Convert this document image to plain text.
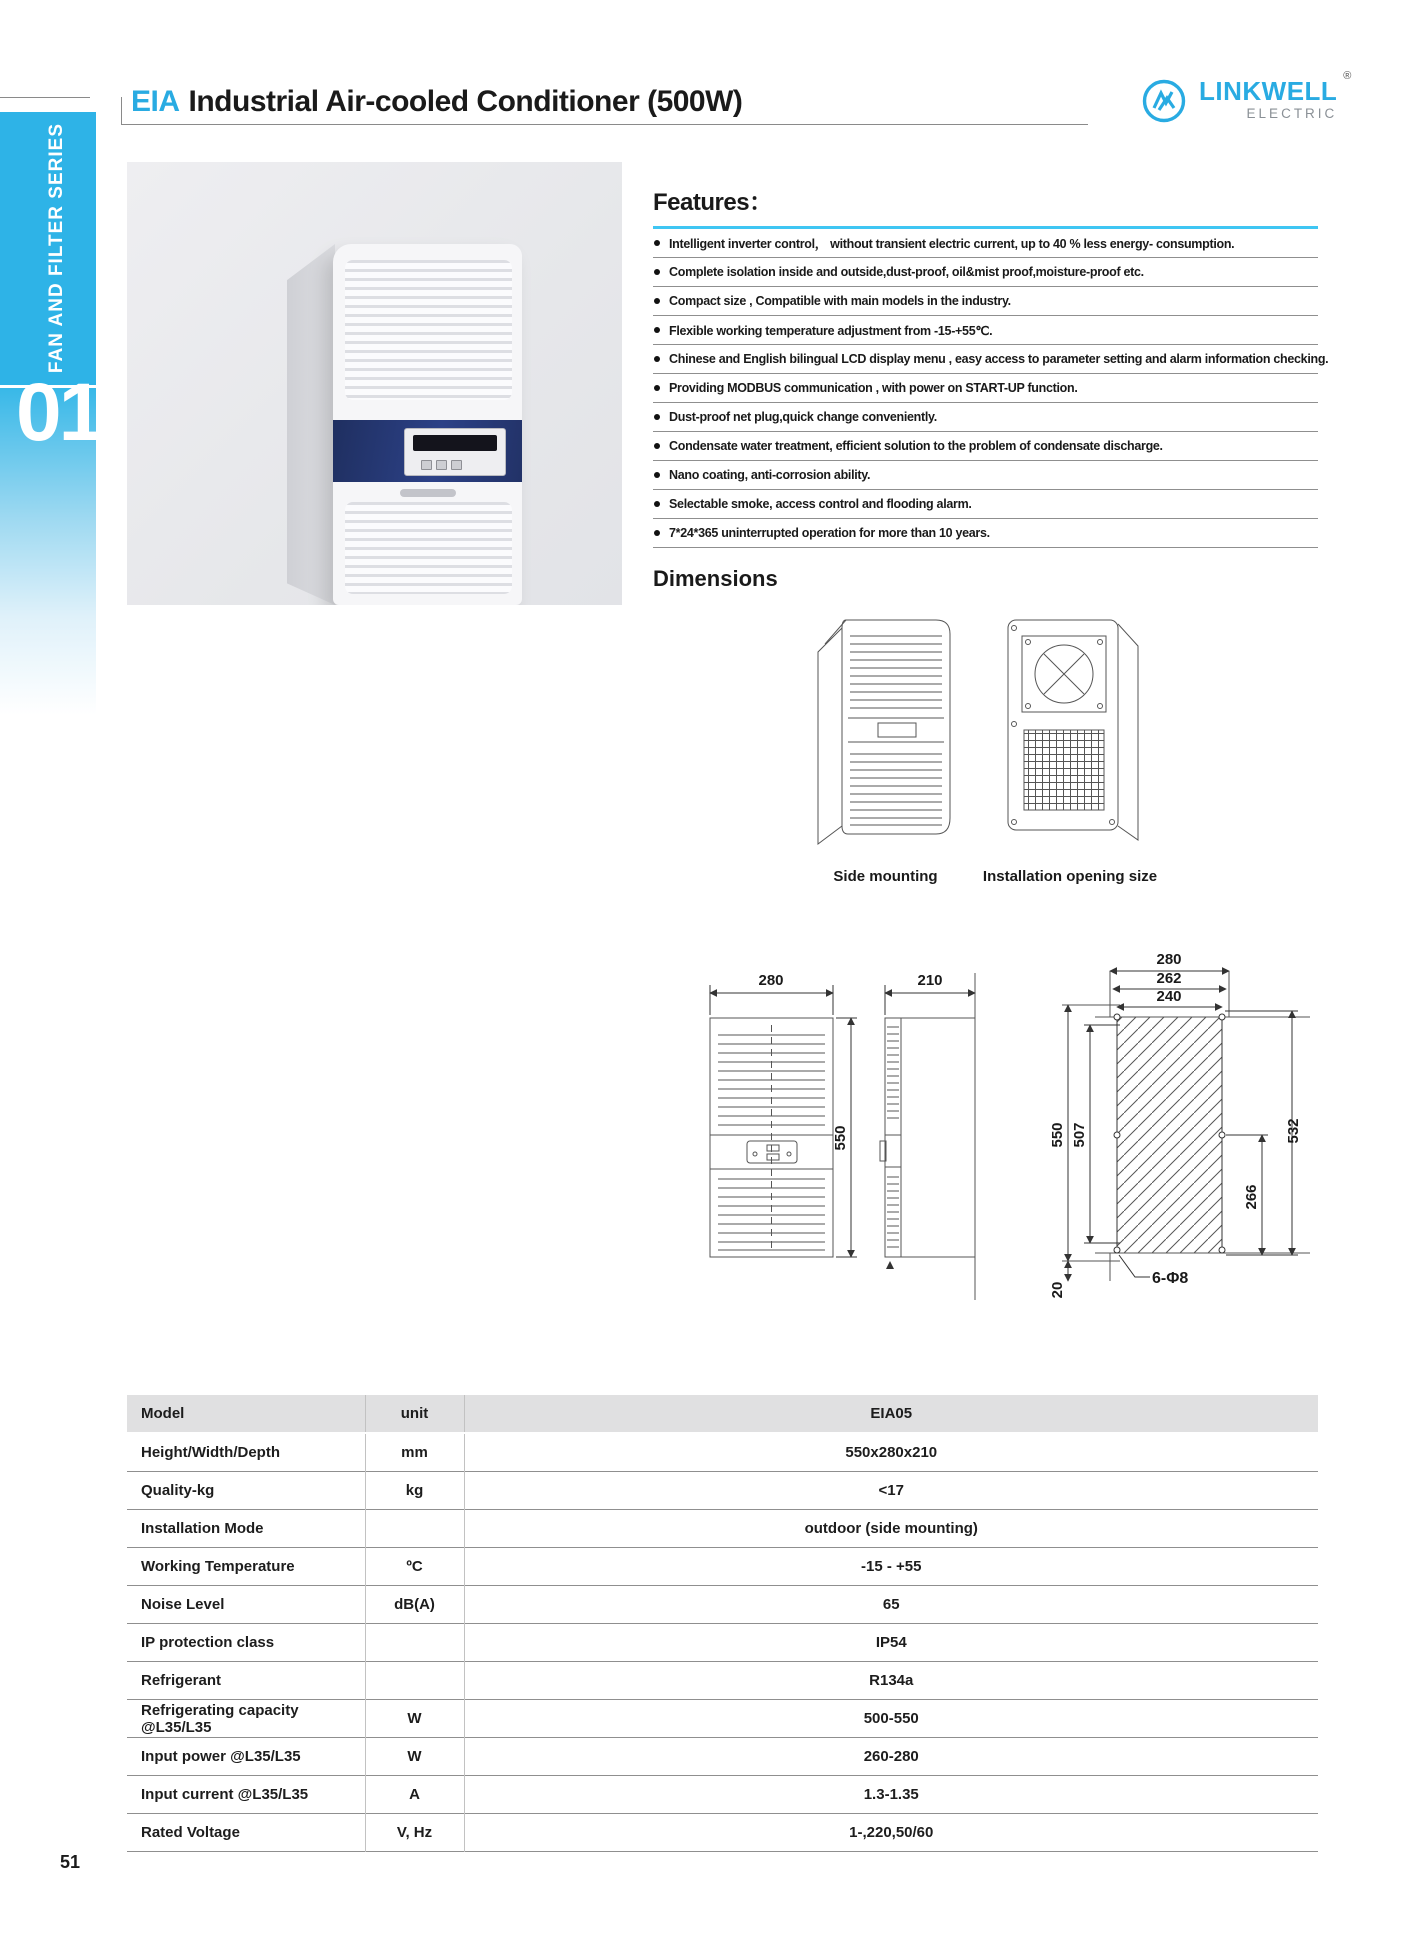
EIA Industrial Air-cooled Conditioner (500W)	LINKWELL
ELECTRIC
®
FAN AND FILTER SERIES
01
Features：
Intelligent inverter control， without transient electric current, up to 40 % less energy- consumption.
Complete isolation inside and outside,dust-proof, oil&mist proof,moisture-proof etc.
Compact size , Compatible with main models in the industry.
Flexible working temperature adjustment from -15-+55℃.
Chinese and English bilingual LCD display menu , easy access to parameter setting and alarm information checking.
Providing MODBUS communication , with power on START-UP function.
Dust-proof net plug,quick change conveniently.
Condensate water treatment, efficient solution to the problem of condensate discharge.
Nano coating, anti-corrosion ability.
Selectable smoke, access control and flooding alarm.
7*24*365 uninterrupted operation for more than 10 years.
Dimensions
Side mounting	Installation opening size
280
550
210
280
262
240
550 507	532
266
20
6-Φ8
Model	unit	EIA05
Height/Width/Depth	mm	550x280x210
Quality-kg	kg	<17
Installation Mode		outdoor (side mounting)
Working Temperature	ºC	-15 - +55
Noise Level	dB(A)	65
IP protection class		IP54
Refrigerant		R134a
Refrigerating capacity @L35/L35	W	500-550
Input power @L35/L35	W	260-280
Input current @L35/L35	A	1.3-1.35
Rated Voltage	V, Hz	1-,220,50/60
51
